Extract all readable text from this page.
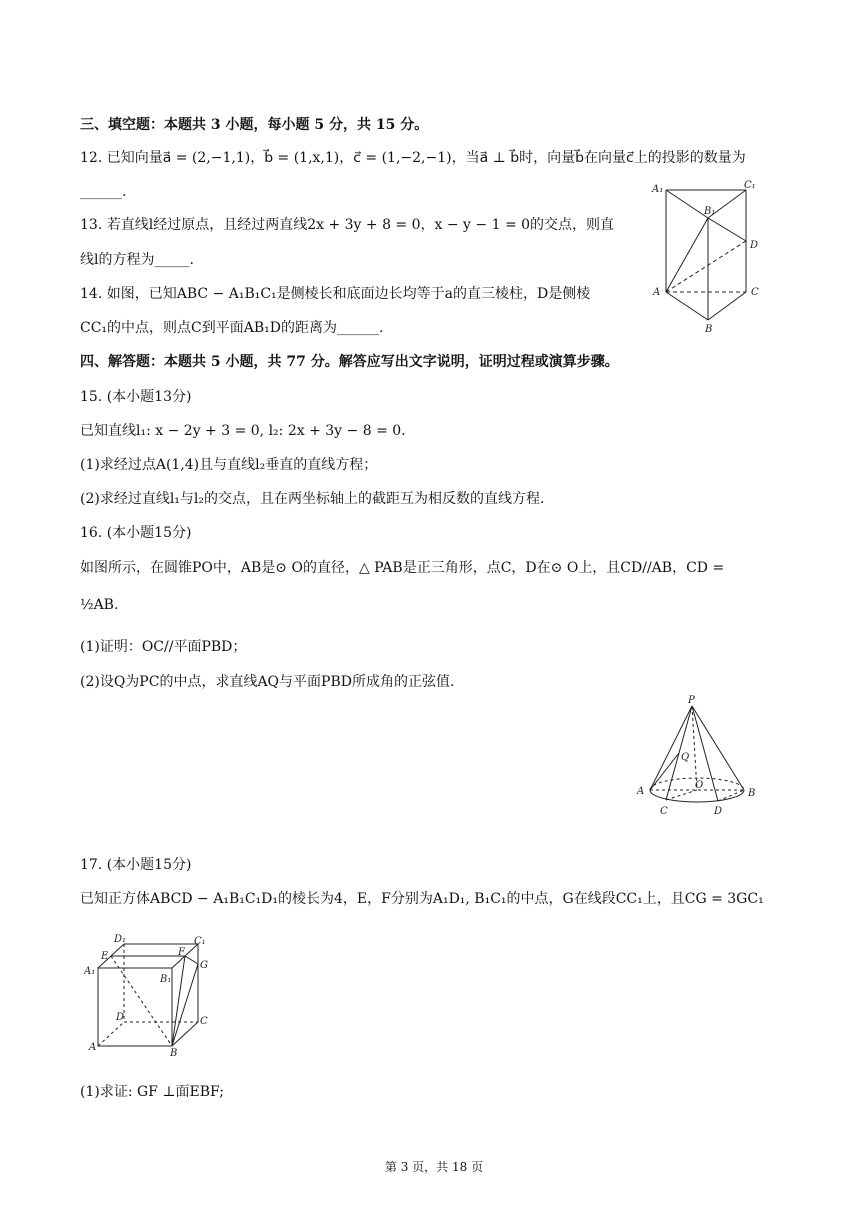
三、填空题：本题共 3 小题，每小题 5 分，共 15 分。
12. 已知向量a⃗ = (2,−1,1)，b⃗ = (1,x,1)，c⃗ = (1,−2,−1)，当a⃗ ⊥ b⃗时，向量b⃗在向量c⃗上的投影的数量为
______.
13. 若直线l经过原点，且经过两直线2x + 3y + 8 = 0，x − y − 1 = 0的交点，则直
线l的方程为_____.
14. 如图，已知ABC − A₁B₁C₁是侧棱长和底面边长均等于a的直三棱柱，D是侧棱
CC₁的中点，则点C到平面AB₁D的距离为______.
A₁	C₁
B₁
D
A	C
B
四、解答题：本题共 5 小题，共 77 分。解答应写出文字说明，证明过程或演算步骤。
15. (本小题13分)
已知直线l₁: x − 2y + 3 = 0, l₂: 2x + 3y − 8 = 0.
(1)求经过点A(1,4)且与直线l₂垂直的直线方程；
(2)求经过直线l₁与l₂的交点，且在两坐标轴上的截距互为相反数的直线方程.
16. (本小题15分)
如图所示，在圆锥PO中，AB是⊙ O的直径，△ PAB是正三角形，点C，D在⊙ O上，且CD//AB，CD =
½AB.
(1)证明：OC//平面PBD；
(2)设Q为PC的中点，求直线AQ与平面PBD所成角的正弦值.
P
Q
O
A	B
C	D
17. (本小题15分)
已知正方体ABCD − A₁B₁C₁D₁的棱长为4，E，F分别为A₁D₁, B₁C₁的中点，G在线段CC₁上，且CG = 3GC₁
D₁	C₁
E	F
A₁
B₁
G
D	C
A
B
(1)求证: GF ⊥面EBF;
第 3 页，共 18 页
